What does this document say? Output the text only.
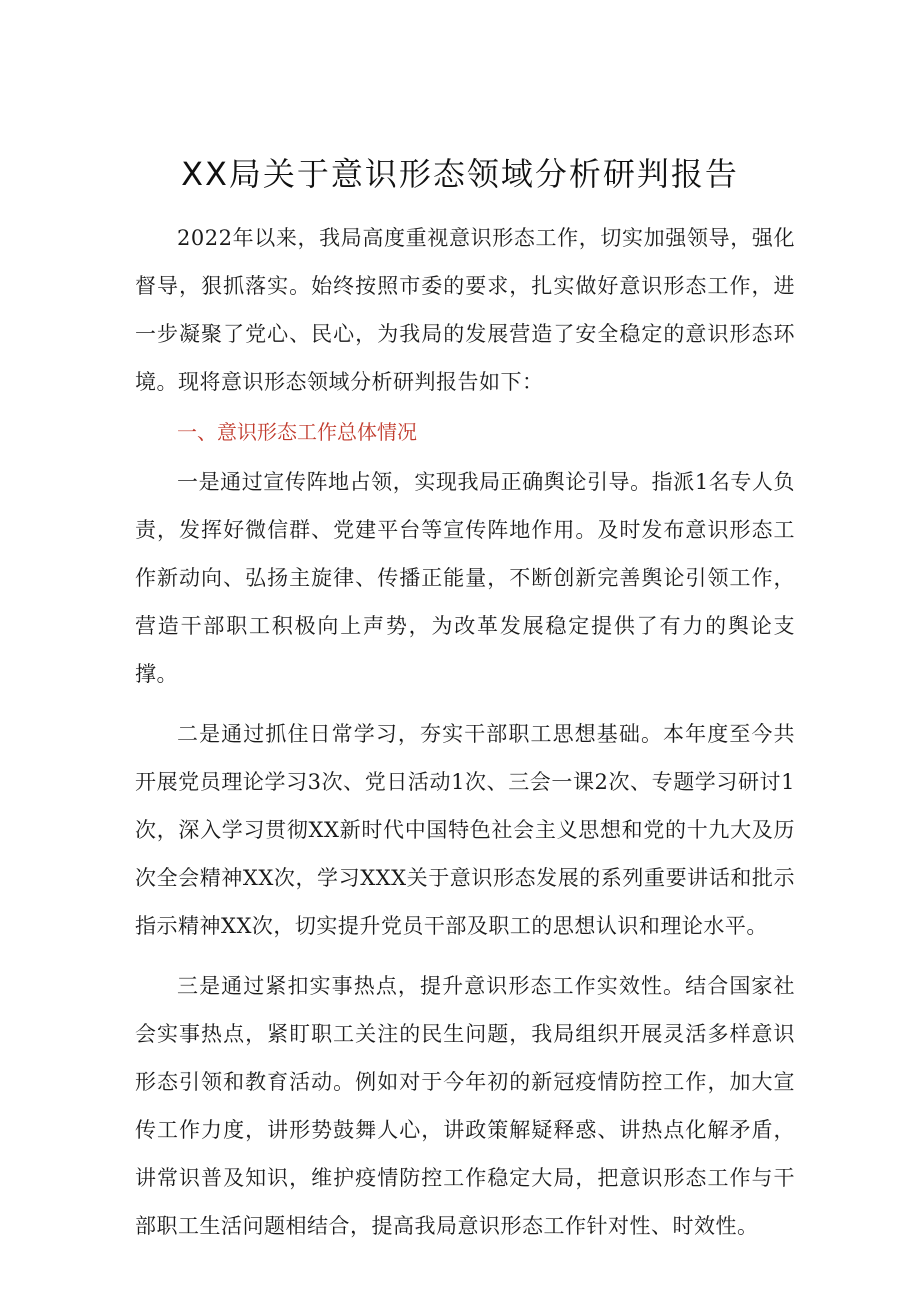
XX局关于意识形态领域分析研判报告

2022年以来，我局高度重视意识形态工作，切实加强领导，强化督导，狠抓落实。始终按照市委的要求，扎实做好意识形态工作，进一步凝聚了党心、民心，为我局的发展营造了安全稳定的意识形态环境。现将意识形态领域分析研判报告如下：

一、意识形态工作总体情况

一是通过宣传阵地占领，实现我局正确舆论引导。指派1名专人负责，发挥好微信群、党建平台等宣传阵地作用。及时发布意识形态工作新动向、弘扬主旋律、传播正能量，不断创新完善舆论引领工作，营造干部职工积极向上声势，为改革发展稳定提供了有力的舆论支撑。

二是通过抓住日常学习，夯实干部职工思想基础。本年度至今共开展党员理论学习3次、党日活动1次、三会一课2次、专题学习研讨1次，深入学习贯彻XX新时代中国特色社会主义思想和党的十九大及历次全会精神XX次，学习XXX关于意识形态发展的系列重要讲话和批示指示精神XX次，切实提升党员干部及职工的思想认识和理论水平。

三是通过紧扣实事热点，提升意识形态工作实效性。结合国家社会实事热点，紧盯职工关注的民生问题，我局组织开展灵活多样意识形态引领和教育活动。例如对于今年初的新冠疫情防控工作，加大宣传工作力度，讲形势鼓舞人心，讲政策解疑释惑、讲热点化解矛盾，讲常识普及知识，维护疫情防控工作稳定大局，把意识形态工作与干部职工生活问题相结合，提高我局意识形态工作针对性、时效性。
